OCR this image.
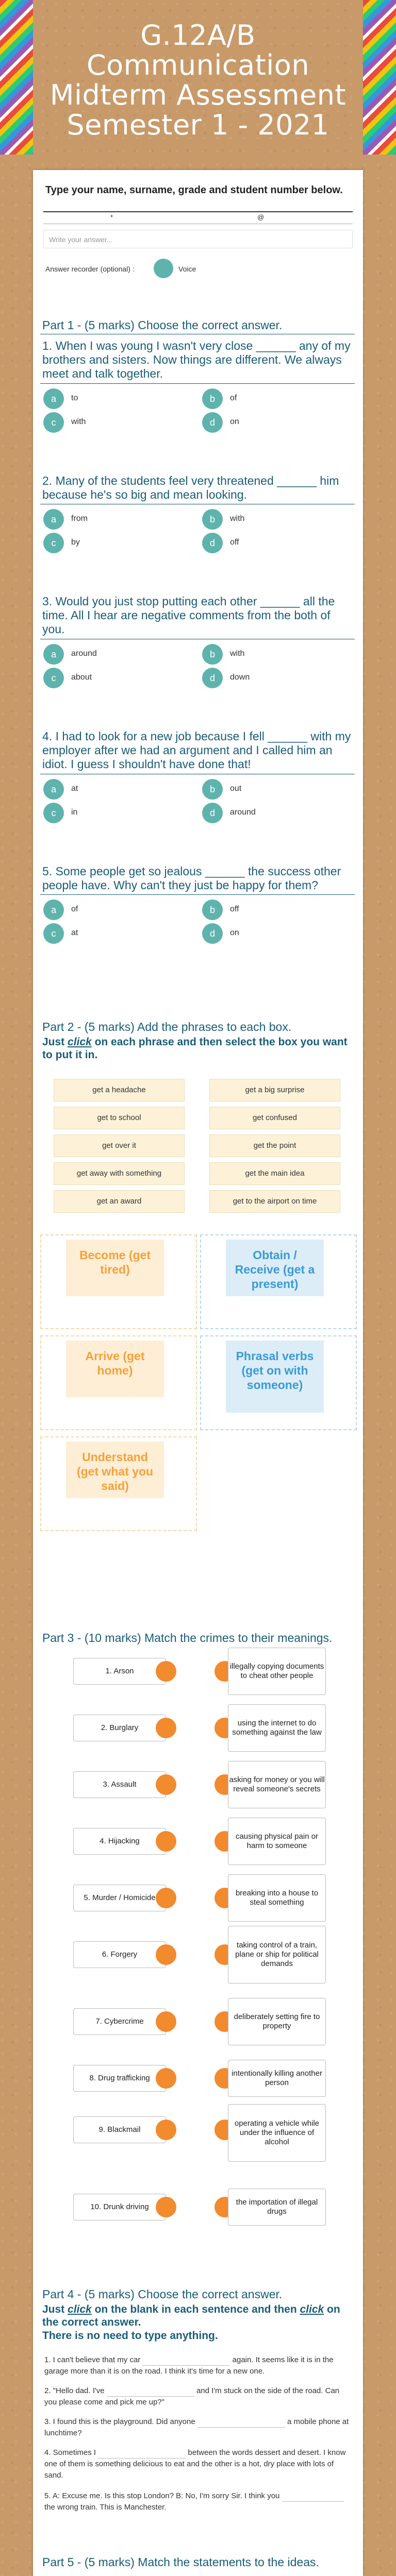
G.12A/B
Communication
Midterm Assessment
Semester 1 - 2021
Type your name, surname, grade and student number below.
*	@
Write your answer...
Answer recorder (optional) :	Voice
Part 1 - (5 marks) Choose the correct answer.
1. When I was young I wasn't very close ______ any of my brothers and sisters. Now things are different. We always meet and talk together.
a	to	b	of
c	with	d	on
2. Many of the students feel very threatened ______ him because he's so big and mean looking.
a	from	b	with
c	by	d	off
3. Would you just stop putting each other ______ all the time. All I hear are negative comments from the both of you.
a	around	b	with
c	about	d	down
4. I had to look for a new job because I fell ______ with my employer after we had an argument and I called him an idiot. I guess I shouldn't have done that!
a	at	b	out
c	in	d	around
5. Some people get so jealous ______ the success other people have. Why can't they just be happy for them?
a	of	b	off
c	at	d	on
Part 2 - (5 marks) Add the phrases to each box.
Just click on each phrase and then select the box you want to put it in.
get a headache	get a big surprise
get to school	get confused
get over it	get the point
get away with something	get the main idea
get an award	get to the airport on time
Become (get tired)
Obtain / Receive (get a present)
Arrive (get home)
Phrasal verbs (get on with someone)
Understand (get what you said)
Part 3 - (10 marks) Match the crimes to their meanings.
1. Arson
illegally copying documents to cheat other people
2. Burglary
using the internet to do something against the law
3. Assault
asking for money or you will reveal someone's secrets
4. Hijacking
causing physical pain or harm to someone
5. Murder / Homicide
breaking into a house to steal something
6. Forgery
taking control of a train, plane or ship for political demands
7. Cybercrime
deliberately setting fire to property
8. Drug trafficking
intentionally killing another person
9. Blackmail
operating a vehicle while under the influence of alcohol
10. Drunk driving
the importation of illegal drugs
Part 4 - (5 marks) Choose the correct answer.
Just click on the blank in each sentence and then click on the correct answer.
There is no need to type anything.
1. I can't believe that my car	again. It seems like it is in the garage more than it is on the road. I think it's time for a new one.
2. "Hello dad. I've	and I'm stuck on the side of the road. Can you please come and pick me up?"
3. I found this is the playground. Did anyone	a mobile phone at lunchtime?
4. Sometimes I	between the words dessert and desert. I know one of them is something delicious to eat and the other is a hot, dry place with lots of sand.
5. A: Excuse me. Is this stop London? B: No, I'm sorry Sir. I think you  the wrong train. This is Manchester.
Part 5 - (5 marks) Match the statements to the ideas.
